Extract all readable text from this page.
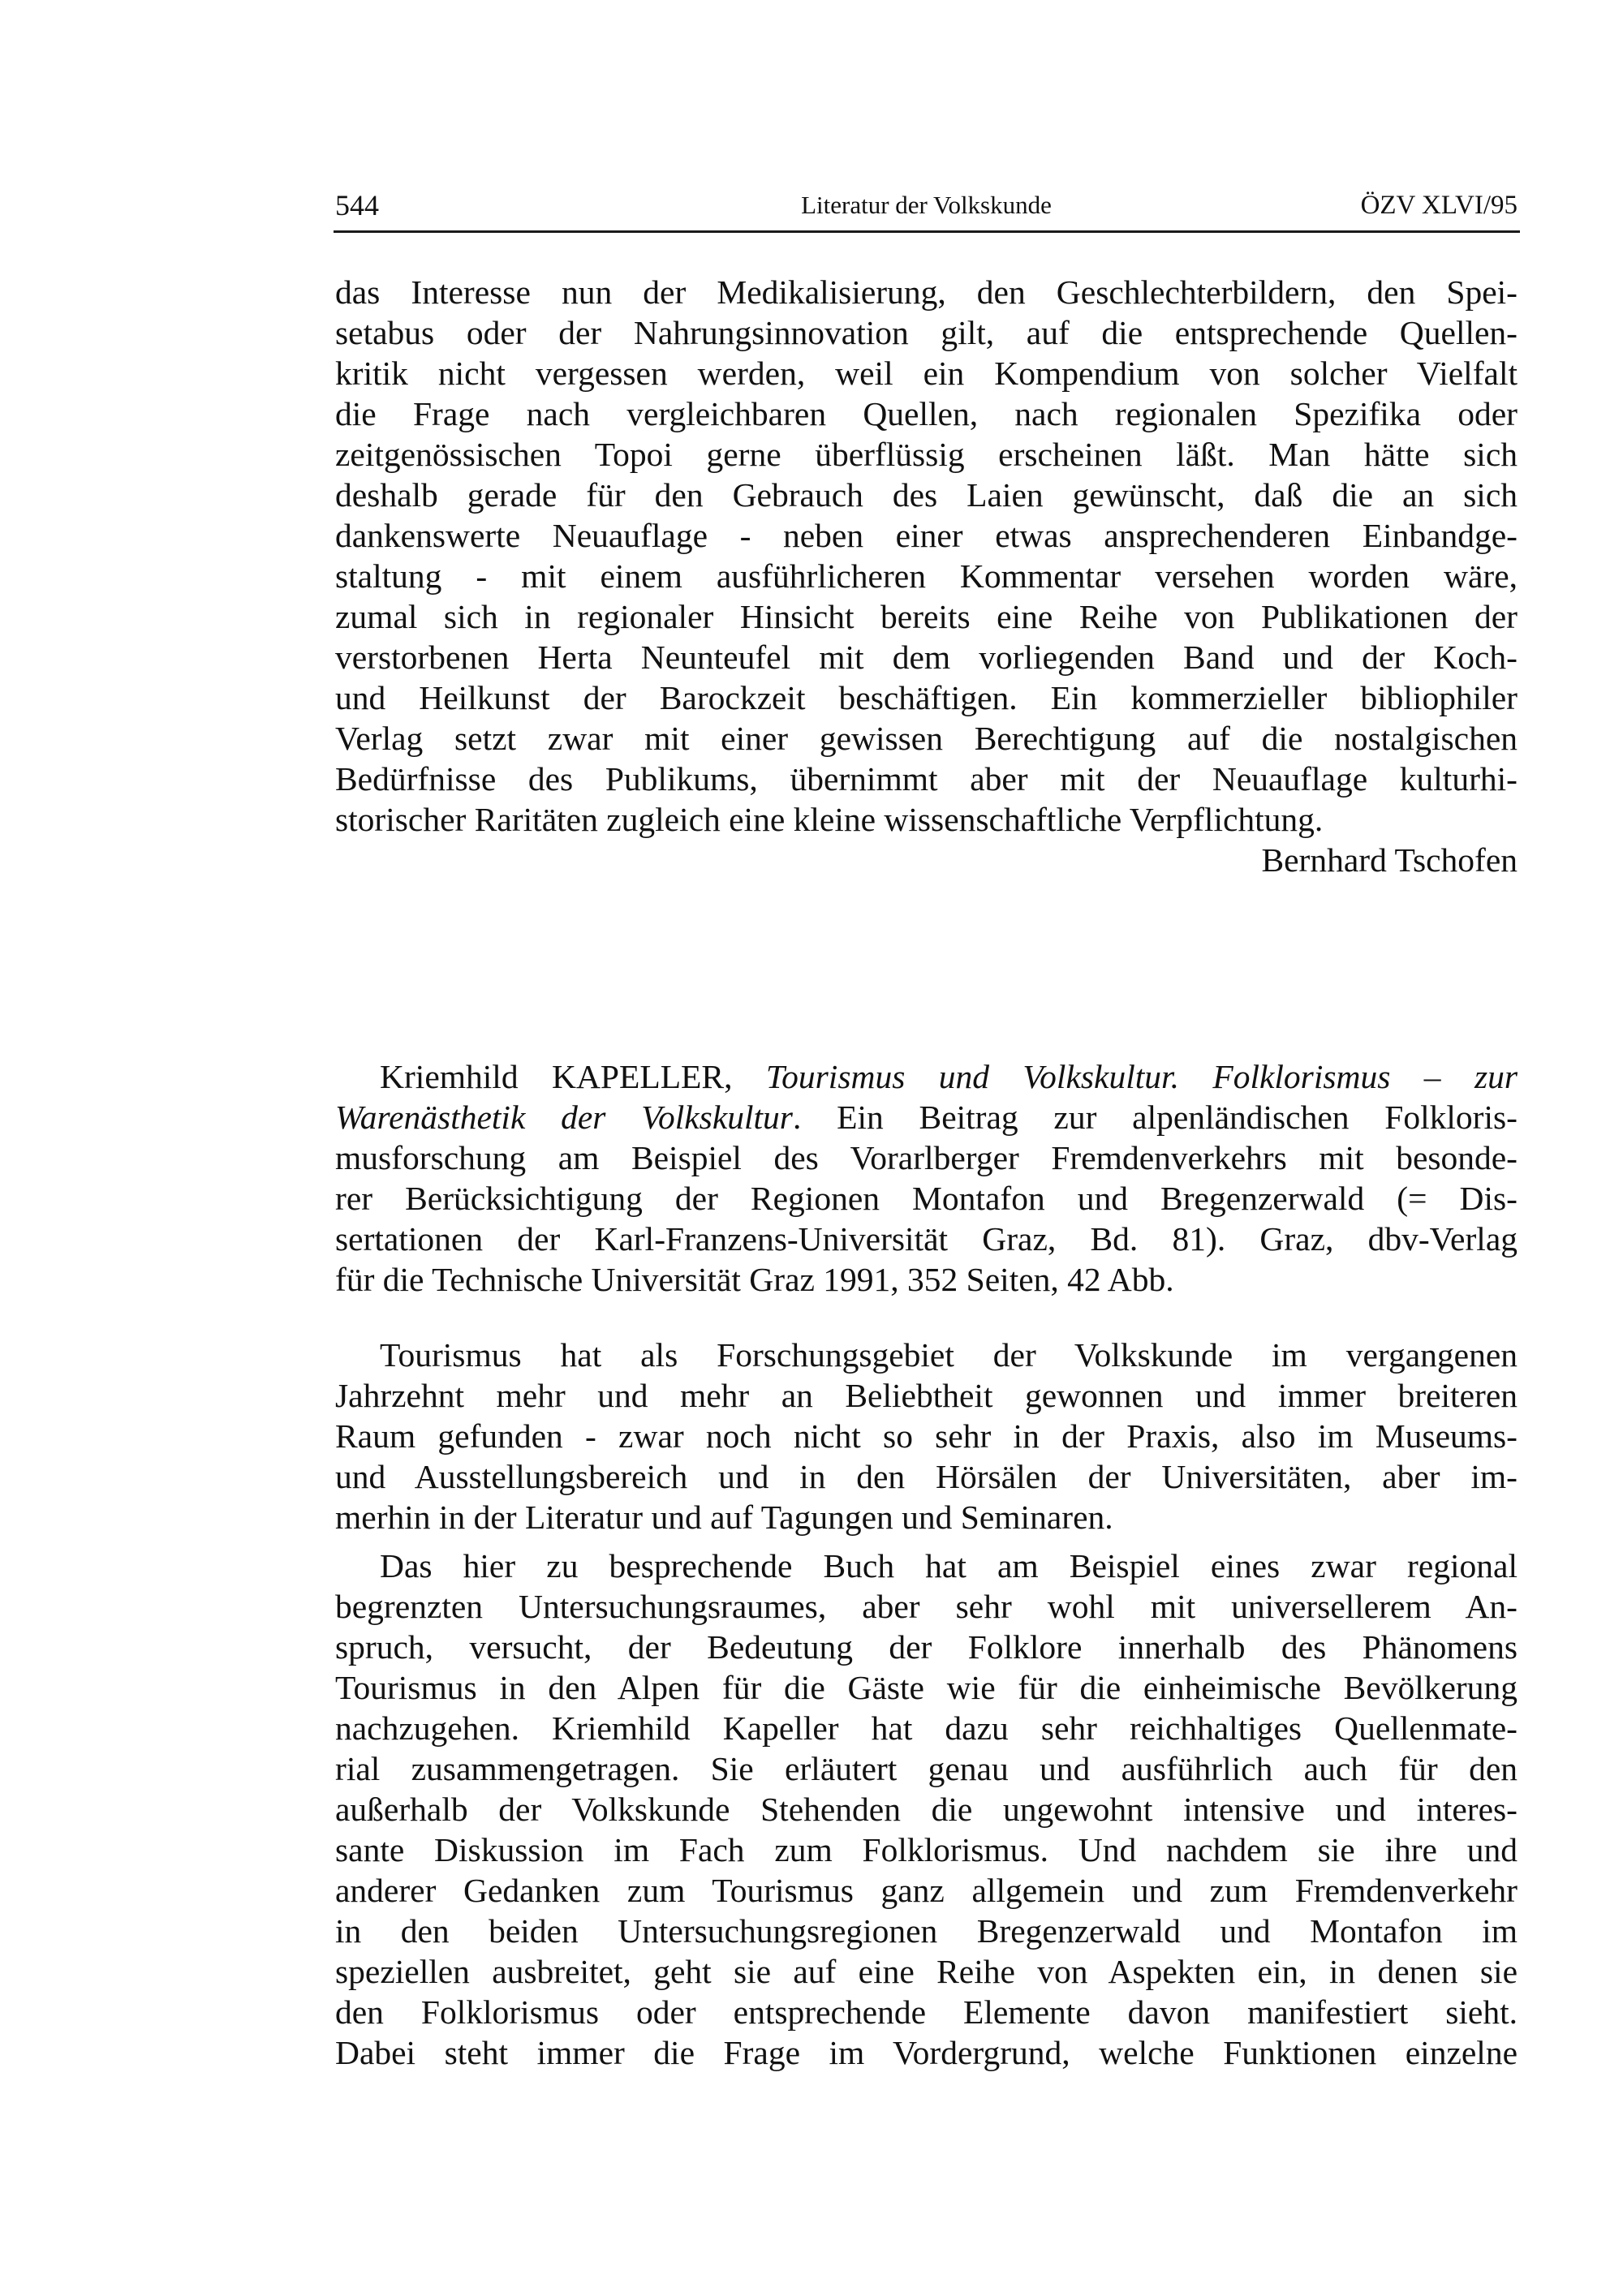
544	Literatur der Volkskunde	ÖZV XLVI/95
das Interesse nun der Medikalisierung, den Geschlechterbildern, den Spei-
setabus oder der Nahrungsinnovation gilt, auf die entsprechende Quellen-
kritik nicht vergessen werden, weil ein Kompendium von solcher Vielfalt
die Frage nach vergleichbaren Quellen, nach regionalen Spezifika oder
zeitgenössischen Topoi gerne überflüssig erscheinen läßt. Man hätte sich
deshalb gerade für den Gebrauch des Laien gewünscht, daß die an sich
dankenswerte Neuauflage - neben einer etwas ansprechenderen Einbandge-
staltung - mit einem ausführlicheren Kommentar versehen worden wäre,
zumal sich in regionaler Hinsicht bereits eine Reihe von Publikationen der
verstorbenen Herta Neunteufel mit dem vorliegenden Band und der Koch-
und Heilkunst der Barockzeit beschäftigen. Ein kommerzieller bibliophiler
Verlag setzt zwar mit einer gewissen Berechtigung auf die nostalgischen
Bedürfnisse des Publikums, übernimmt aber mit der Neuauflage kulturhi-
storischer Raritäten zugleich eine kleine wissenschaftliche Verpflichtung.
Bernhard Tschofen
Kriemhild KAPELLER, Tourismus und Volkskultur. Folklorismus – zur
Warenästhetik der Volkskultur. Ein Beitrag zur alpenländischen Folkloris-
musforschung am Beispiel des Vorarlberger Fremdenverkehrs mit besonde-
rer Berücksichtigung der Regionen Montafon und Bregenzerwald (= Dis-
sertationen der Karl-Franzens-Universität Graz, Bd. 81). Graz, dbv-Verlag
für die Technische Universität Graz 1991, 352 Seiten, 42 Abb.
Tourismus hat als Forschungsgebiet der Volkskunde im vergangenen
Jahrzehnt mehr und mehr an Beliebtheit gewonnen und immer breiteren
Raum gefunden - zwar noch nicht so sehr in der Praxis, also im Museums-
und Ausstellungsbereich und in den Hörsälen der Universitäten, aber im-
merhin in der Literatur und auf Tagungen und Seminaren.
Das hier zu besprechende Buch hat am Beispiel eines zwar regional
begrenzten Untersuchungsraumes, aber sehr wohl mit universellerem An-
spruch, versucht, der Bedeutung der Folklore innerhalb des Phänomens
Tourismus in den Alpen für die Gäste wie für die einheimische Bevölkerung
nachzugehen. Kriemhild Kapeller hat dazu sehr reichhaltiges Quellenmate-
rial zusammengetragen. Sie erläutert genau und ausführlich auch für den
außerhalb der Volkskunde Stehenden die ungewohnt intensive und interes-
sante Diskussion im Fach zum Folklorismus. Und nachdem sie ihre und
anderer Gedanken zum Tourismus ganz allgemein und zum Fremdenverkehr
in den beiden Untersuchungsregionen Bregenzerwald und Montafon im
speziellen ausbreitet, geht sie auf eine Reihe von Aspekten ein, in denen sie
den Folklorismus oder entsprechende Elemente davon manifestiert sieht.
Dabei steht immer die Frage im Vordergrund, welche Funktionen einzelne
